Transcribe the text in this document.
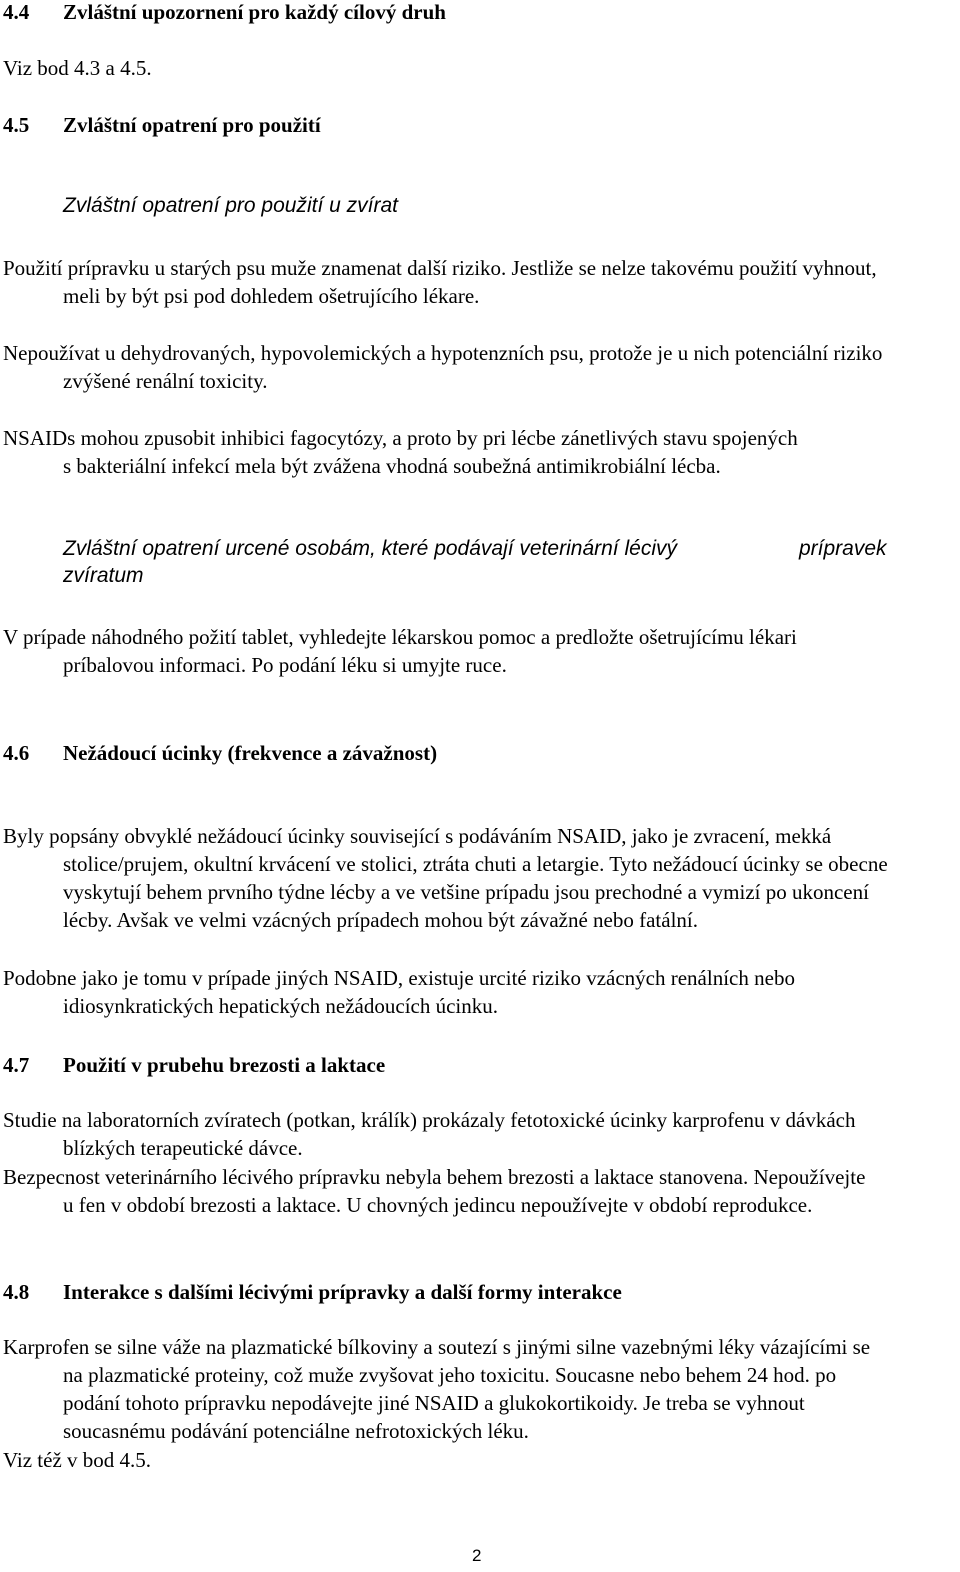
4.4 Zvláštní upozornení pro každý cílový druh

Viz bod 4.3 a 4.5.

4.5 Zvláštní opatrení pro použití

Zvláštní opatrení pro použití u zvírat

Použití prípravku u starých psu muže znamenat další riziko. Jestliže se nelze takovému použití vyhnout,

meli by být psi pod dohledem ošetrujícího lékare.

Nepoužívat u dehydrovaných, hypovolemických a hypotenzních psu, protože je u nich potenciální riziko

zvýšené renální toxicity.

NSAIDs mohou zpusobit inhibici fagocytózy, a proto by pri lécbe zánetlivých stavu spojených

s bakteriální infekcí mela být zvážena vhodná soubežná antimikrobiální lécba.

Zvláštní opatrení urcené osobám, které podávají veterinární lécivý	prípravek

zvíratum

V prípade náhodného požití tablet, vyhledejte lékarskou pomoc a predložte ošetrujícímu lékari

príbalovou informaci. Po podání léku si umyjte ruce.

4.6 Nežádoucí úcinky (frekvence a závažnost)

Byly popsány obvyklé nežádoucí úcinky související s podáváním NSAID, jako je zvracení, mekká

stolice/prujem, okultní krvácení ve stolici, ztráta chuti a letargie. Tyto nežádoucí úcinky se obecne

vyskytují behem prvního týdne lécby a ve vetšine prípadu jsou prechodné a vymizí po ukoncení

lécby. Avšak ve velmi vzácných prípadech mohou být závažné nebo fatální.

Podobne jako je tomu v prípade jiných NSAID, existuje urcité riziko vzácných renálních nebo

idiosynkratických hepatických nežádoucích úcinku.

4.7 Použití v prubehu brezosti a laktace

Studie na laboratorních zvíratech (potkan, králík) prokázaly fetotoxické úcinky karprofenu v dávkách

blízkých terapeutické dávce.

Bezpecnost veterinárního lécivého prípravku nebyla behem brezosti a laktace stanovena. Nepoužívejte

u fen v období brezosti a laktace. U chovných jedincu nepoužívejte v období reprodukce.

4.8 Interakce s dalšími lécivými prípravky a další formy interakce

Karprofen se silne váže na plazmatické bílkoviny a soutezí s jinými silne vazebnými léky vázajícími se

na plazmatické proteiny, což muže zvyšovat jeho toxicitu. Soucasne nebo behem 24 hod. po

podání tohoto prípravku nepodávejte jiné NSAID a glukokortikoidy. Je treba se vyhnout

soucasnému podávání potenciálne nefrotoxických léku.

Viz též v bod 4.5.

2
